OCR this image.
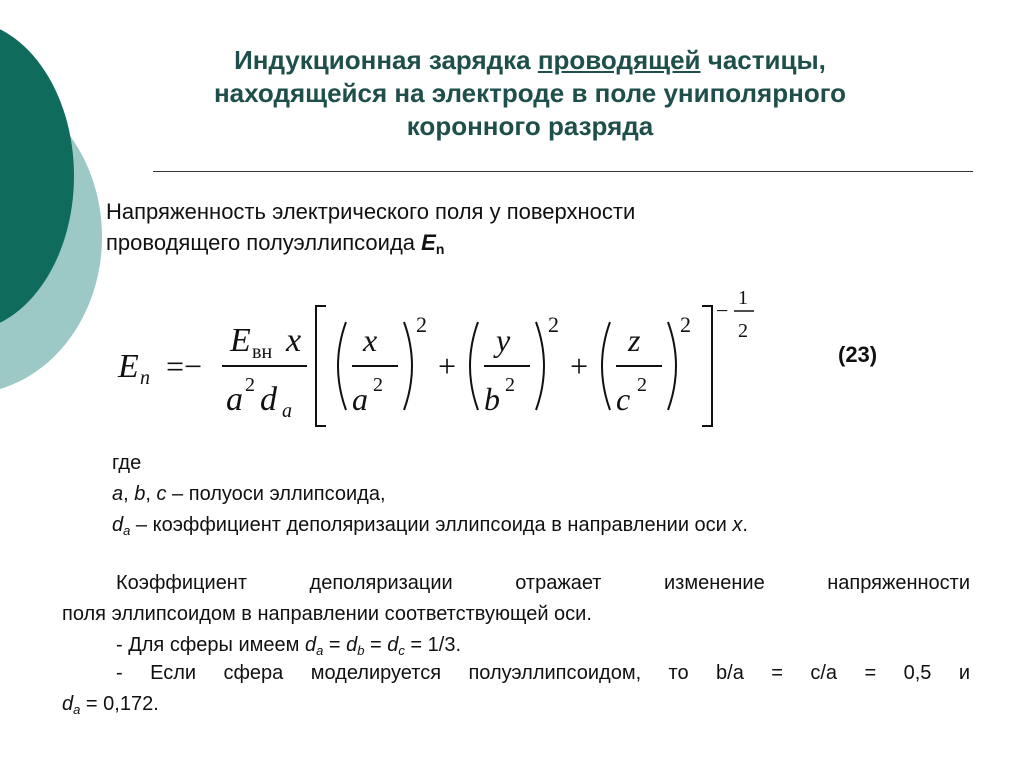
Индукционная зарядка проводящей частицы,
находящейся на электроде в поле униполярного
коронного разряда
Напряженность электрического поля у поверхности
проводящего полуэллипсоида $E_n$
E n =−
E вн x
a 2 d a
x
a 2
2
+
y
b 2
2
+
z
c 2
2
− 1
2
(23)
где
a, b, c – полуоси эллипсоида,
$d_a$ – коэффициент деполяризации эллипсоида в направлении оси x.
Коэффициент деполяризации отражает изменение напряженности
поля эллипсоидом в направлении соответствующей оси.
- Для сферы имеем $d_a = d_b = d_c = 1/3$.
- Если сфера моделируется полуэллипсоидом, то b/a = c/a = 0,5 и
$d_a = 0,172$.
